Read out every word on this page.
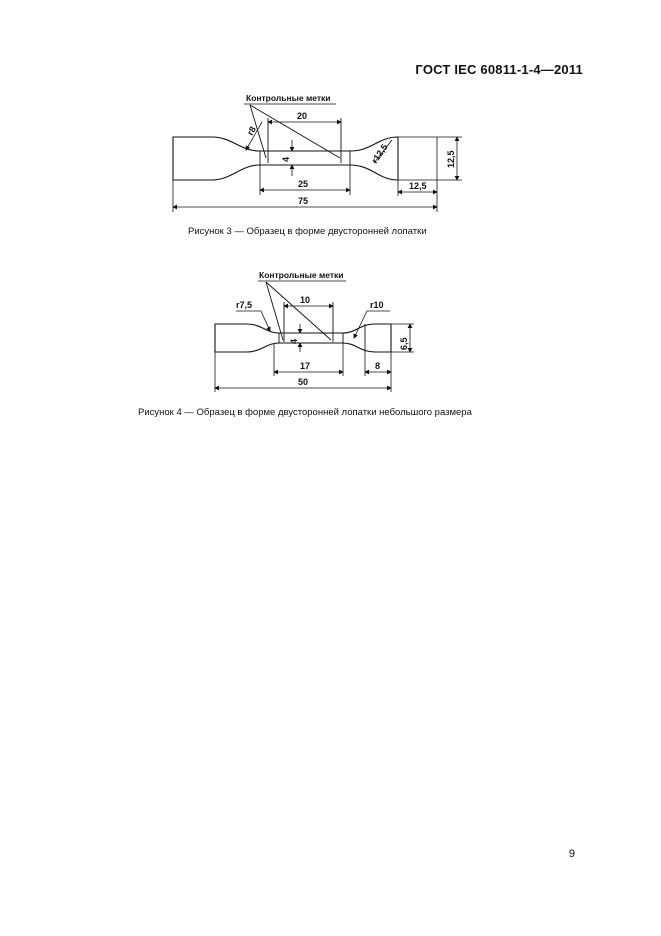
ГОСТ IEC 60811-1-4—2011
Контрольные метки
20
25
75
4	12,5
12,5
r8
r12,5
Рисунок 3 — Образец в форме двусторонней лопатки
Контрольные метки
10
17
50
4	6,5
8
r7,5	r10
Рисунок 4 — Образец в форме двусторонней лопатки небольшого размера
9
